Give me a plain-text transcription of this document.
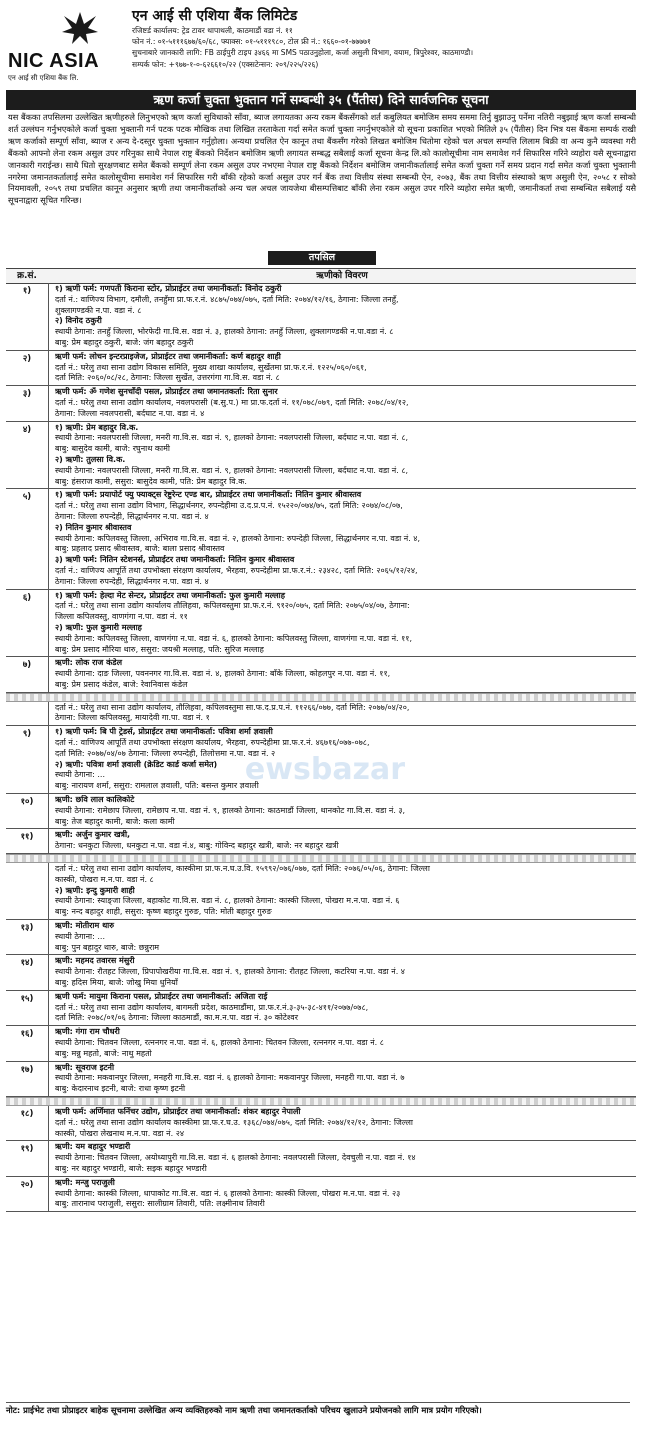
NIC ASIA
एन आई सी एशिया बैंक लि.
एन आई सी एशिया बैंक लिमिटेड
रजिष्टर्ड कार्यालय: ट्रेड टावर थापाथली, काठमाडौं वडा नं. ११
फोन नं.: ०१-५१११६७७/६०/६८, फ्याक्स: ०१-५१११९८०, टोल फ्री नं.: १६६०-०१-७७७७१
सुचनाबारे जानकारी लागि: FB ठाईपुरी टाइप ३४६६ मा SMS पठाउनुहोला, कर्जा असुली विभाग, वयाम, त्रिपुरेश्वर, काठमाण्डौ।
सम्पर्क फोन: +९७७-१-०-६२६६१०/२२ (एक्सटेन्सन: २०९/२२५/२२६)
ऋण कर्जा चुक्ता भुक्तान गर्ने सम्बन्धी ३५ (पैंतीस) दिने सार्वजनिक सूचना
यस बैंकका तपसिलमा उल्लेखित ऋणीहरुले लिनुभएको ऋण कर्जा सुविधाको साँवा, ब्याज लगायतका अन्य रकम बैंकसँगको शर्त कबुलियत बमोजिम समय सममा तिर्नु बुझाउनु पर्नेमा नतिरी नबुझाई ऋण कर्जा सम्बन्धी शर्त उल्लंघन गर्नुभएकोले कर्जा चुक्ता भुक्तानी गर्न पटक पटक मौखिक तथा लिखित तरताकेता गर्दा समेत कर्जा चुक्ता नगर्नुभएकोले यो सूचना प्रकाशित भएको मितिले ३५ (पैंतीस) दिन भित्र यस बैंकमा सम्पर्क राखी ऋण कर्जाको सम्पूर्ण साँवा, ब्याज र अन्य दे-दस्तुर चुक्ता भुक्तान गर्नुहोला। अन्यथा प्रचलित ऐन कानून तथा बैंकसँग गरेको लिखत बमोजिम धितोमा रहेको चल अचल सम्पत्ति लिलाम बिक्री वा अन्य कुनै व्यवस्था गरी बैंकको आफ्नो लेना रकम असुल उपर गरिनुका साथै नेपाल राष्ट्र बैंकको निर्देशन बमोजिम ऋणी लगायत सम्बद्ध सबैलाई कर्जा सूचना केन्द्र लि.को कालोसूचीमा नाम समावेश गर्न सिफारिस गरिने व्यहोरा यसै सूचनाद्वारा जानकारी गराईन्छ। साथै धितो सुरक्षणबाट समेत बैंकको सम्पूर्ण लेना रकम असुल उपर नभएमा नेपाल राष्ट्र बैंकको निर्देशन बमोजिम जमानीकर्तालाई समेत कर्जा चुक्ता गर्ने समय प्रदान गर्दा समेत कर्जा चुक्ता भुक्तानी नगरेमा जमानतकर्तालाई समेत कालोसूचीमा समावेश गर्न सिफारिस गरी बाँकी रहेको कर्जा असुल उपर गर्न बैंक तथा वित्तीय संस्था सम्बन्धी ऐन, २०७३, बैंक तथा वित्तीय संस्थाको ऋण असुली ऐन, २०५८ र सोको नियमावली, २०५९ तथा प्रचलित कानून अनुसार ऋणी तथा जमानीकर्ताको अन्य चल अचल जायजेथा बीसम्पत्तिबाट बाँकी लेना रकम असुल उपर गरिने व्यहोरा समेत ऋणी, जमानीकर्ता तथा सम्बन्धित सबैलाई यसै सूचनाद्वारा सूचित गरिन्छ।
तपसिल
क्र.सं.	ऋणीको विवरण
१)	१) ऋणी फर्म: गणपती किराना स्टोर, प्रोप्राईटर तथा जमानीकर्ता: विनोद ठकुरी
दर्ता नं.: वाणिज्य विभाग, दमौली, तनहुँमा प्रा.फ.र.नं. ४८७५/०७४/०७५, दर्ता मिति: २०७४/१२/१६, ठेगाना: जिल्ला तनहुँ,
शुक्लागण्डकी न.पा. वडा नं. ८
२) विनोद ठकुरी
स्थायी ठेगाना: तनहुँ जिल्ला, भोरफेदी गा.वि.स. वडा नं. ३, हालको ठेगाना: तनहुँ जिल्ला, शुक्लागण्डकी न.पा.वडा नं. ८
बाबु: प्रेम बहादुर ठकुरी, बाजे: जंग बहादुर ठकुरी
२)	ऋणी फर्म: लोचन इन्टरप्राइजेज, प्रोप्राईटर तथा जमानीकर्ता: कर्ण बहादुर शाही
दर्ता नं.: घरेलु तथा साना उद्योग विकास समिति, मुख्य शाखा कार्यालय, सुर्खेतमा प्रा.फ.र.नं. १२२५/०६०/०६१,
दर्ता मिति: २०६०/०८/२८, ठेगाना: जिल्ला सुर्खेत, उत्तरगंगा गा.वि.स. वडा नं. ८
३)	ऋणी फर्म: ॐ गणेश सुनचाँदी पसल, प्रोप्राईटर तथा जमानतकर्ता: रिता सुनार
दर्ता नं.: घरेलु तथा साना उद्योग कार्यालय, नवलपरासी (ब.सु.प.) मा प्रा.फ.दर्ता नं. ११/०७८/०७९, दर्ता मिति: २०७८/०४/१२,
ठेगाना: जिल्ला नवलपरासी, बर्दघाट न.पा. वडा नं. ४
४)	१) ऋणी: प्रेम बहादुर वि.क.
स्थायी ठेगाना: नवलपरासी जिल्ला, मनरी गा.वि.स. वडा नं. ९, हालको ठेगाना: नवलपरासी जिल्ला, बर्दघाट न.पा. वडा नं. ८,
बाबु: बासुदेव कामी, बाजे: रघुनाथ कामी
२) ऋणी: तुलसा वि.क.
स्थायी ठेगाना: नवलपरासी जिल्ला, मनरी गा.वि.स. वडा नं. ९, हालको ठेगाना: नवलपरासी जिल्ला, बर्दघाट न.पा. वडा नं. ८,
बाबु: हंसराज कामी, ससुरा: बासुदेव कामी, पति: प्रेम बहादुर वि.क.
५)	१) ऋणी फर्म: प्रयापोर्ट फ्यु फ्याक्ट्स रेष्टुरेन्ट एण्ड बार, प्रोप्राईटर तथा जमानीकर्ता: नितिन कुमार श्रीवास्तव
दर्ता नं.: घरेलु तथा साना उद्योग विभाग, सिद्धार्थनगर, रुपन्देहीमा उ.द.प्र.प.नं. १५२२०/०७४/७५, दर्ता मिति: २०७४/०८/०७,
ठेगाना: जिल्ला रुपन्देही, सिद्धार्थनगर न.पा. वडा नं. ४
२) नितिन कुमार श्रीवास्तव
स्थायी ठेगाना: कपिलवस्तु जिल्ला, अभिराव गा.वि.स. वडा नं. २, हालको ठेगाना: रुपन्देही जिल्ला, सिद्धार्थनगर न.पा. वडा नं. ४,
बाबु: प्रहलाद प्रसाद श्रीवास्तव, बाजे: बाला प्रसाद श्रीवास्तव
३) ऋणी फर्म: नितिन स्टेशनर्स, प्रोप्राईटर तथा जमानीकर्ता: नितिन कुमार श्रीवास्तव
दर्ता नं.: वाणिज्य आपूर्ति तथा उपभोक्ता संरक्षण कार्यालय, भैरहवा, रुपन्देहीमा प्रा.फ.र.नं.: २३४२८, दर्ता मिति: २०६५/१२/२४,
ठेगाना: जिल्ला रुपन्देही, सिद्धार्थनगर न.पा. वडा नं. ४
६)	१) ऋणी फर्म: हेल्दा मेट सेन्टर, प्रोप्राईटर तथा जमानीकर्ता: फुल कुमारी मल्लाह
दर्ता नं.: घरेलु तथा साना उद्योग कार्यालय तौलिहवा, कपिलवस्तुमा प्रा.फ.र.नं. ९१२०/०७५, दर्ता मिति: २०७५/०४/०७, ठेगाना:
जिल्ला कपिलवस्तु, वाणगंगा न.पा. वडा नं. ११
२) ऋणी: फुल कुमारी मल्लाह
स्थायी ठेगाना: कपिलवस्तु जिल्ला, वाणगंगा न.पा. वडा नं. ६, हालको ठेगाना: कपिलवस्तु जिल्ला, वाणगंगा न.पा. वडा नं. ११,
बाबु: प्रेम प्रसाद मौरिया थारु, ससुरा: जयश्री मल्लाह, पति: सुरिज मल्लाह
७)	ऋणी: लोक राज कंडेल
स्थायी ठेगाना: दाङ जिल्ला, पवननगर गा.वि.स. वडा नं. ४, हालको ठेगाना: बाँके जिल्ला, कोहलपुर न.पा. वडा नं. ११,
बाबु: प्रेम प्रसाद कंडेल, बाजे: रेवानिवास कंडेल
दर्ता नं.: घरेलु तथा साना उद्योग कार्यालय, तौलिहवा, कपिलवस्तुमा सा.फ.द.प्र.प.नं. ११२६६/०७७, दर्ता मिति: २०७७/०४/२०,
ठेगाना: जिल्ला कपिलवस्तु, मायादेवी गा.पा. वडा नं. १
९)	१) ऋणी फर्म: बि पी ट्रेडर्स, प्रोप्राईटर तथा जमानीकर्ता: पवित्रा शर्मा ज्ञवाली
दर्ता नं.: वाणिज्य आपूर्ति तथा उपभोक्ता संरक्षण कार्यालय, भैरहवा, रुपन्देहीमा प्रा.फ.र.नं. ४६७१६/०७७-०७८,
दर्ता मिति: २०७७/०४/०७ ठेगाना: जिल्ला रुपन्देही, तिलोत्तमा न.पा. वडा नं. २
२) ऋणी: पवित्रा शर्मा ज्ञवाली (क्रेडिट कार्ड कर्जा समेत)
स्थायी ठेगाना: ...
बाबु: नारायण शर्मा, ससुरा: रामलाल ज्ञवाली, पति: बसन्त कुमार ज्ञवाली
१०)	ऋणी: छवि लाल कालिकोटे
स्थायी ठेगाना: रामेछाप जिल्ला, रामेछाप न.पा. वडा नं. ९, हालको ठेगाना: काठमाडौं जिल्ला, थानकोट गा.वि.स. वडा नं. ३,
बाबु: तेज बहादुर कामी, बाजे: कला कामी
११)	ऋणी: अर्जुन कुमार खत्री,
ठेगाना: धनकुटा जिल्ला, धनकुटा न.पा. वडा नं.४, बाबु: गोविन्द बहादुर खत्री, बाजे: नर बहादुर खत्री
दर्ता नं.: घरेलु तथा साना उद्योग कार्यालय, कास्कीमा प्रा.फ.न.घ.उ.वि. १५९९२/०७६/०७७, दर्ता मिति: २०७६/०५/०६, ठेगाना: जिल्ला
कास्की, पोखरा म.न.पा. वडा नं. ८
२) ऋणी: इन्दु कुमारी शाही
स्थायी ठेगाना: स्याङ्जा जिल्ला, बहाकोट गा.वि.स. वडा नं. ८, हालको ठेगाना: कास्की जिल्ला, पोखरा म.न.पा. वडा नं. ६
बाबु: नन्द बहादुर शाही, ससुरा: कृष्ण बहादुर गुरुङ, पति: मोती बहादुर गुरुङ
१३)	ऋणी: मोतीराम थारु
स्थायी ठेगाना: ...
बाबु: पुन बहादुर थारु, बाजे: छन्नुराम
१४)	ऋणी: महमद तवारस मंसुरी
स्थायी ठेगाना: रौतहट जिल्ला, प्रिपापोखरीया गा.वि.स. वडा नं. ९, हालको ठेगाना: रौतहट जिल्ला, कटरिया न.पा. वडा नं. ४
बाबु: हदिस मिया, बाजे: जोखु मिया धुनियाँ
१५)	ऋणी फर्म: मायुमा किराना पसल, प्रोप्राईटर तथा जमानीकर्ता: अजिता राई
दर्ता नं.: घरेलु तथा साना उद्योग कार्यालय, बागमती प्रदेश, काठमाडौंमा, प्रा.फ.र.नं.३-३५-३८-४११/२०७७/०७८,
दर्ता मिति: २०७८/०१/०६ ठेगाना: जिल्ला काठमाडौं, का.म.न.पा. वडा नं. ३० कोटेश्वर
१६)	ऋणी: गंगा राम चौधरी
स्थायी ठेगाना: चितवन जिल्ला, रत्ननगर न.पा. वडा नं. ६, हालको ठेगाना: चितवन जिल्ला, रत्ननगर न.पा. वडा नं. ८
बाबु: मन्नु महतो, बाजे: नाथु महतो
१७)	ऋणी: सूवराज इटनी
स्थायी ठेगाना: मकवानपुर जिल्ला, मनहरी गा.वि.स. वडा नं. ६ हालको ठेगाना: मकवानपुर जिल्ला, मनहरी गा.पा. वडा नं. ७
बाबु: केदारनाथ इटनी, बाजे: राधा कृष्ण इटनी
१८)	ऋणी फर्म: अर्णिमात फर्निचर उद्योग, प्रोप्राईटर तथा जमानीकर्ता: शंकर बहादुर नेपाली
दर्ता नं.: घरेलु तथा साना उद्योग कार्यालय कास्कीमा प्रा.फ.र.घ.उ. १३६८/०७४/०७५, दर्ता मिति: २०७४/१२/१२, ठेगाना: जिल्ला
कास्की, पोखरा लेखनाथ म.न.पा. वडा नं. २४
१९)	ऋणी: यम बहादुर भण्डारी
स्थायी ठेगाना: चितवन जिल्ला, अयोध्यापुरी गा.वि.स. वडा नं. ६ हालको ठेगाना: नवलपरासी जिल्ला, देवचुली न.पा. वडा नं. १४
बाबु: नर बहादुर भण्डारी, बाजे: सइक बहादुर भण्डारी
२०)	ऋणी: मन्जु पराजुली
स्थायी ठेगाना: कास्की जिल्ला, धापाकोट गा.वि.स. वडा नं. ६ हालको ठेगाना: कास्की जिल्ला, पोखरा म.न.पा. वडा नं. २३
बाबु: तारानाथ पराजुली, ससुरा: सालीग्राम तिवारी, पति: लक्ष्मीनाथ तिवारी
ewsbazar
नोट: प्राईभेट तथा प्रोप्राइटर बाहेक सूचनामा उल्लेखित अन्य व्यक्तिहरुको नाम ऋणी तथा जमानतकर्ताको परिचय खुलाउने प्रयोजनको लागि मात्र प्रयोग गरिएको।
